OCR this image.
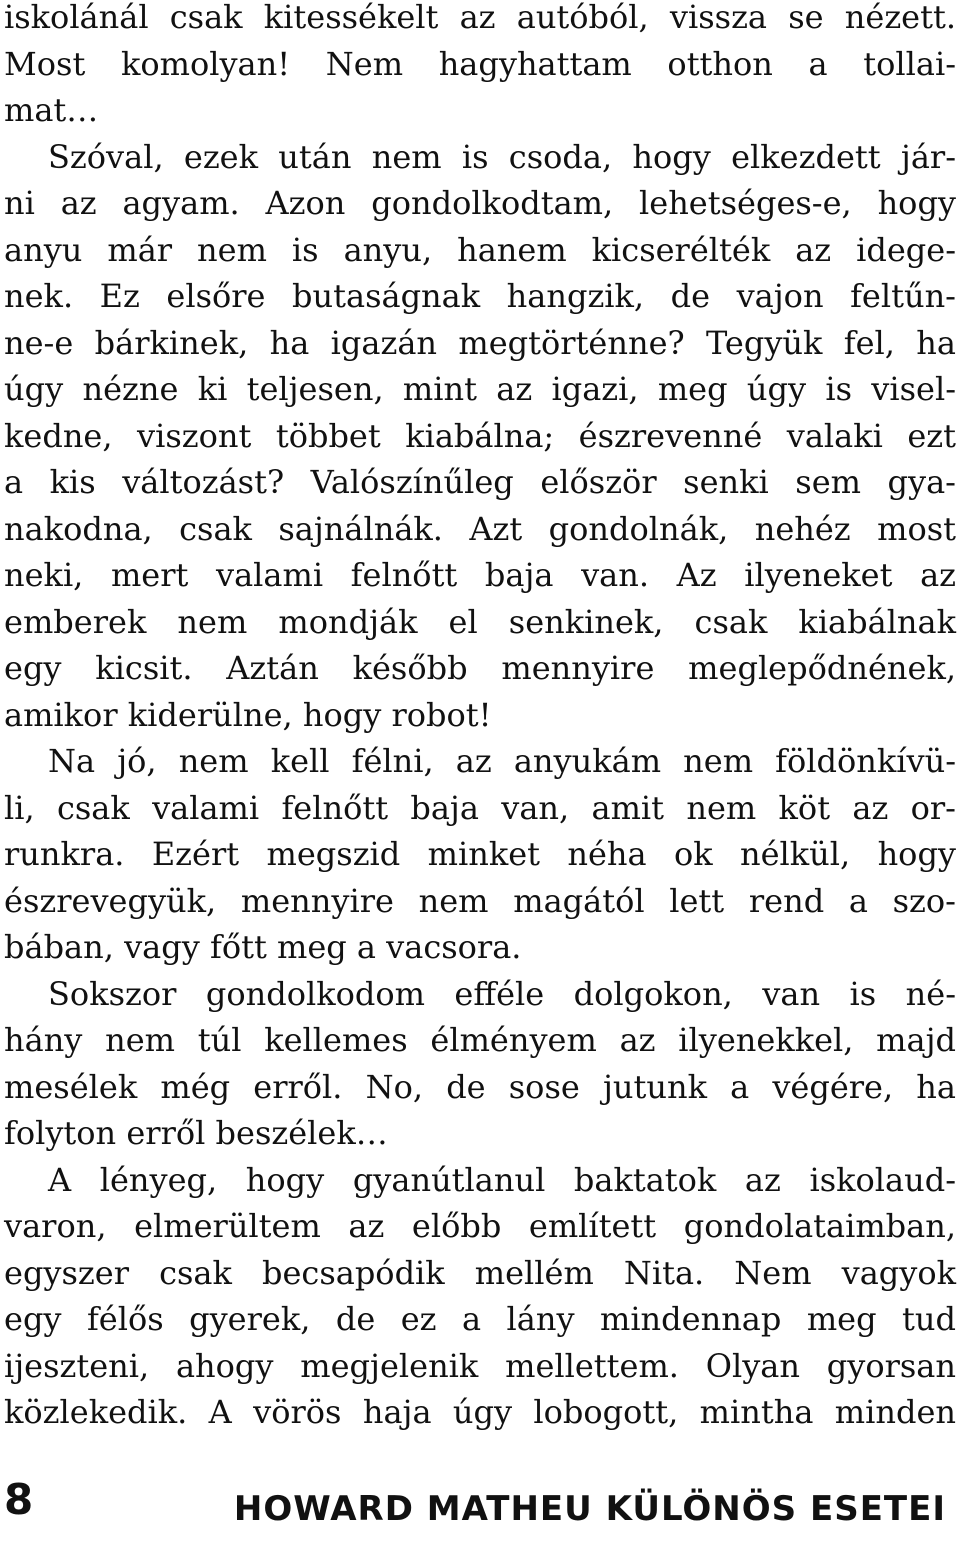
iskolánál csak kitessékelt az autóból, vissza se nézett.
Most komolyan! Nem hagyhattam otthon a tollai-
mat…
Szóval, ezek után nem is csoda, hogy elkezdett jár-
ni az agyam. Azon gondolkodtam, lehetséges-e, hogy
anyu már nem is anyu, hanem kicserélték az idege-
nek. Ez elsőre butaságnak hangzik, de vajon feltűn-
ne-e bárkinek, ha igazán megtörténne? Tegyük fel, ha
úgy nézne ki teljesen, mint az igazi, meg úgy is visel-
kedne, viszont többet kiabálna; észrevenné valaki ezt
a kis változást? Valószínűleg először senki sem gya-
nakodna, csak sajnálnák. Azt gondolnák, nehéz most
neki, mert valami felnőtt baja van. Az ilyeneket az
emberek nem mondják el senkinek, csak kiabálnak
egy kicsit. Aztán később mennyire meglepődnének,
amikor kiderülne, hogy robot!
Na jó, nem kell félni, az anyukám nem földönkívü-
li, csak valami felnőtt baja van, amit nem köt az or-
runkra. Ezért megszid minket néha ok nélkül, hogy
észrevegyük, mennyire nem magától lett rend a szo-
bában, vagy főtt meg a vacsora.
Sokszor gondolkodom efféle dolgokon, van is né-
hány nem túl kellemes élményem az ilyenekkel, majd
mesélek még erről. No, de sose jutunk a végére, ha
folyton erről beszélek…
A lényeg, hogy gyanútlanul baktatok az iskolaud-
varon, elmerültem az előbb említett gondolataimban,
egyszer csak becsapódik mellém Nita. Nem vagyok
egy félős gyerek, de ez a lány mindennap meg tud
ijeszteni, ahogy megjelenik mellettem. Olyan gyorsan
közlekedik. A vörös haja úgy lobogott, mintha minden
8	HOWARD MATHEU KÜLÖNÖS ESETEI
